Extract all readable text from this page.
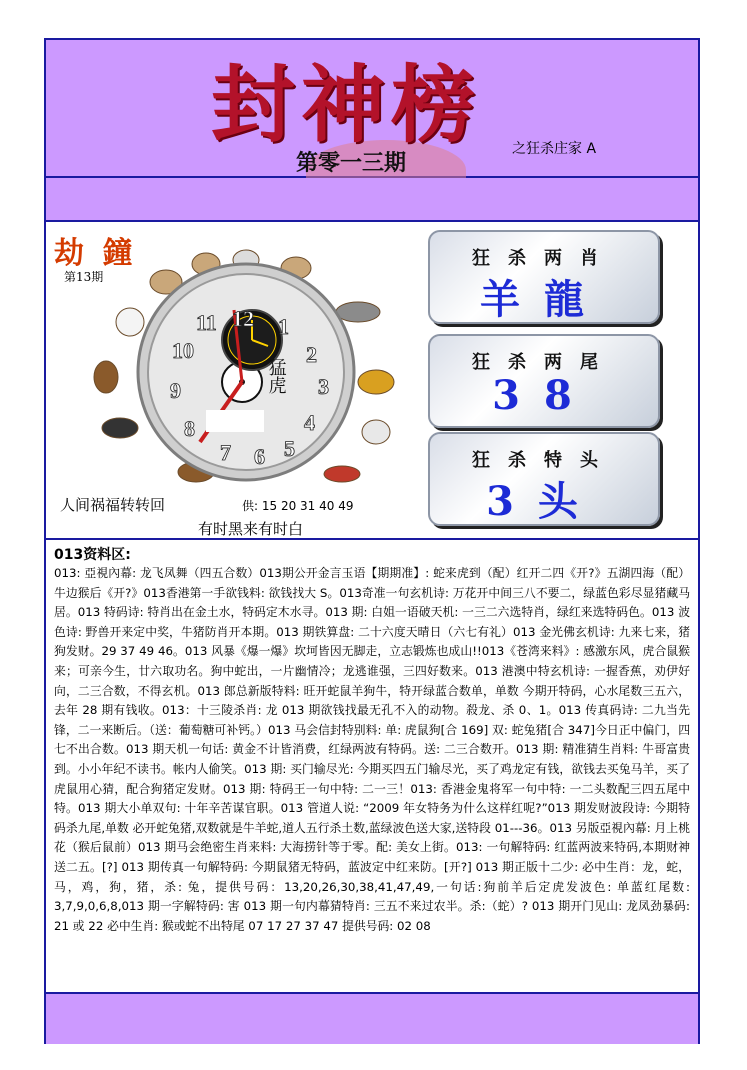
封神榜
第零一三期
之狂杀庄家 A
劫 鐘
第13期
12 1
2
3
4
5
6
7
8
9
10
11
猛虎
人间祸福转转回	供: 15 20 31 40 49
有时黑来有时白
狂杀两肖
羊龍
狂杀两尾
38
狂杀特头
3头
013资料区:
013: 亞視內幕: 龙飞凤舞（四五合数）013期公开金言玉语【期期准】: 蛇来虎到（配）红开二四《开?》五湖四海（配）牛边猴后《开?》013香港第一手欲钱料: 欲钱找大 S。013奇准一句玄机诗: 万花开中间三八不要二，绿蓝色彩尽显猪藏马居。013 特码诗: 特肖出在金土水，特码定木水寻。013 期: 白姐一语破天机: 一三二六选特肖，绿红来选特码色。013 波色诗: 野兽开来定中奖，牛猪防肖开本期。013 期铁算盘: 二十六度天晴日（六七有礼）013 金光佛玄机诗: 九来七来，猪狗发财。29 37 49 46。013 风暴《爆一爆》坎坷皆因无脚走，立志锻炼也成山!!013《苍湾来料》: 感激东风，虎合鼠猴来；可亲今生，廿六取功名。狗中蛇出，一片幽情冷；龙逃谁强，三四好数来。013 港澳中特玄机诗: 一握香蕉，劝伊好向，二三合数，不得玄机。013 郎总新版特料: 旺开蛇鼠羊狗牛，特开绿蓝合数单，单数 今期开特码，心水尾数三五六，去年 28 期有钱收。013：十三陵杀肖: 龙 013 期欲钱找最无孔不入的动物。殺龙、杀 0、1。013 传真码诗: 二九当先锋，二一来断后。（送：葡萄糖可补钙。）013 马会信封特别料: 单: 虎鼠狗[合 169] 双: 蛇兔猪[合 347]今日正中偏门，四七不出合数。013 期天机一句话: 黄金不计皆消费，红绿两波有特码。送: 二三合数开。013 期: 精准猜生肖料: 牛哥富贵到。小小年纪不读书。帐内人偷笑。013 期: 买门输尽光: 今期买四五门输尽光，买了鸡龙定有钱，欲钱去买兔马羊，买了虎鼠用心猜，配合狗猪定发财。013 期: 特码王一句中特: 二一三！013: 香港金鬼将军一句中特: 一二头数配三四五尾中特。013 期大小单双句: 十年辛苦谋官职。013 管道人说: “2009 年女特务为什么这样红呢?”013 期发财波段诗: 今期特码杀九尾,单数 必开蛇兔猪,双数就是牛羊蛇,道人五行杀土数,蓝绿波色送大家,送特段 01---36。013 另版亞視內幕: 月上桃花（猴后鼠前）013 期马会绝密生肖来料: 大海捞针等于零。配: 美女上街。013: 一句解特码: 红蓝两波来特码,本期财神送二五。[?] 013 期传真一句解特码: 今期鼠猪无特码，蓝波定中红来防。[开?] 013 期正版十二少: 必中生肖：龙，蛇，马，鸡，狗，猪，杀: 兔，提供号码：13,20,26,30,38,41,47,49,一句话:狗前羊后定虎发波色: 单蓝红尾数: 3,7,9,0,6,8,013 期一字解特码: 害 013 期一句内幕猜特肖: 三五不来过农半。杀:（蛇）? 013 期开门见山: 龙凤劲暴码: 21 或 22 必中生肖: 猴或蛇不出特尾 07 17 27 37 47 提供号码: 02 08
